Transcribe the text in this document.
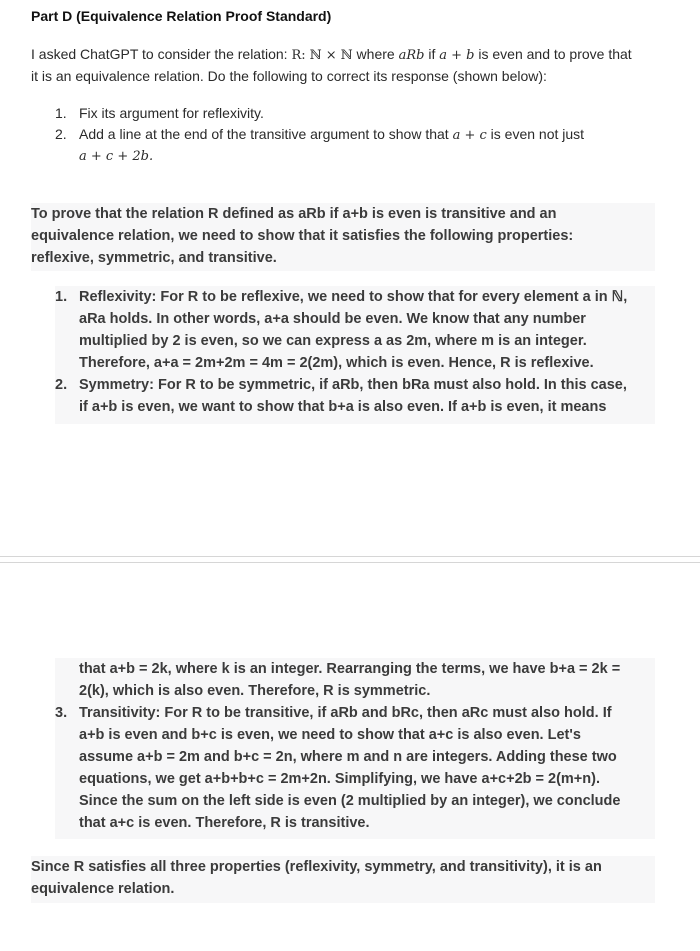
Part D (Equivalence Relation Proof Standard)
I asked ChatGPT to consider the relation: R: ℕ × ℕ where aRb if a + b is even and to prove that
it is an equivalence relation. Do the following to correct its response (shown below):
1. Fix its argument for reflexivity.
2. Add a line at the end of the transitive argument to show that a + c is even not just
a + c + 2b.
To prove that the relation R defined as aRb if a+b is even is transitive and an
equivalence relation, we need to show that it satisfies the following properties:
reflexive, symmetric, and transitive.
1. Reflexivity: For R to be reflexive, we need to show that for every element a in ℕ,
aRa holds. In other words, a+a should be even. We know that any number
multiplied by 2 is even, so we can express a as 2m, where m is an integer.
Therefore, a+a = 2m+2m = 4m = 2(2m), which is even. Hence, R is reflexive.
2. Symmetry: For R to be symmetric, if aRb, then bRa must also hold. In this case,
if a+b is even, we want to show that b+a is also even. If a+b is even, it means
that a+b = 2k, where k is an integer. Rearranging the terms, we have b+a = 2k =
2(k), which is also even. Therefore, R is symmetric.
3. Transitivity: For R to be transitive, if aRb and bRc, then aRc must also hold. If
a+b is even and b+c is even, we need to show that a+c is also even. Let's
assume a+b = 2m and b+c = 2n, where m and n are integers. Adding these two
equations, we get a+b+b+c = 2m+2n. Simplifying, we have a+c+2b = 2(m+n).
Since the sum on the left side is even (2 multiplied by an integer), we conclude
that a+c is even. Therefore, R is transitive.
Since R satisfies all three properties (reflexivity, symmetry, and transitivity), it is an
equivalence relation.
